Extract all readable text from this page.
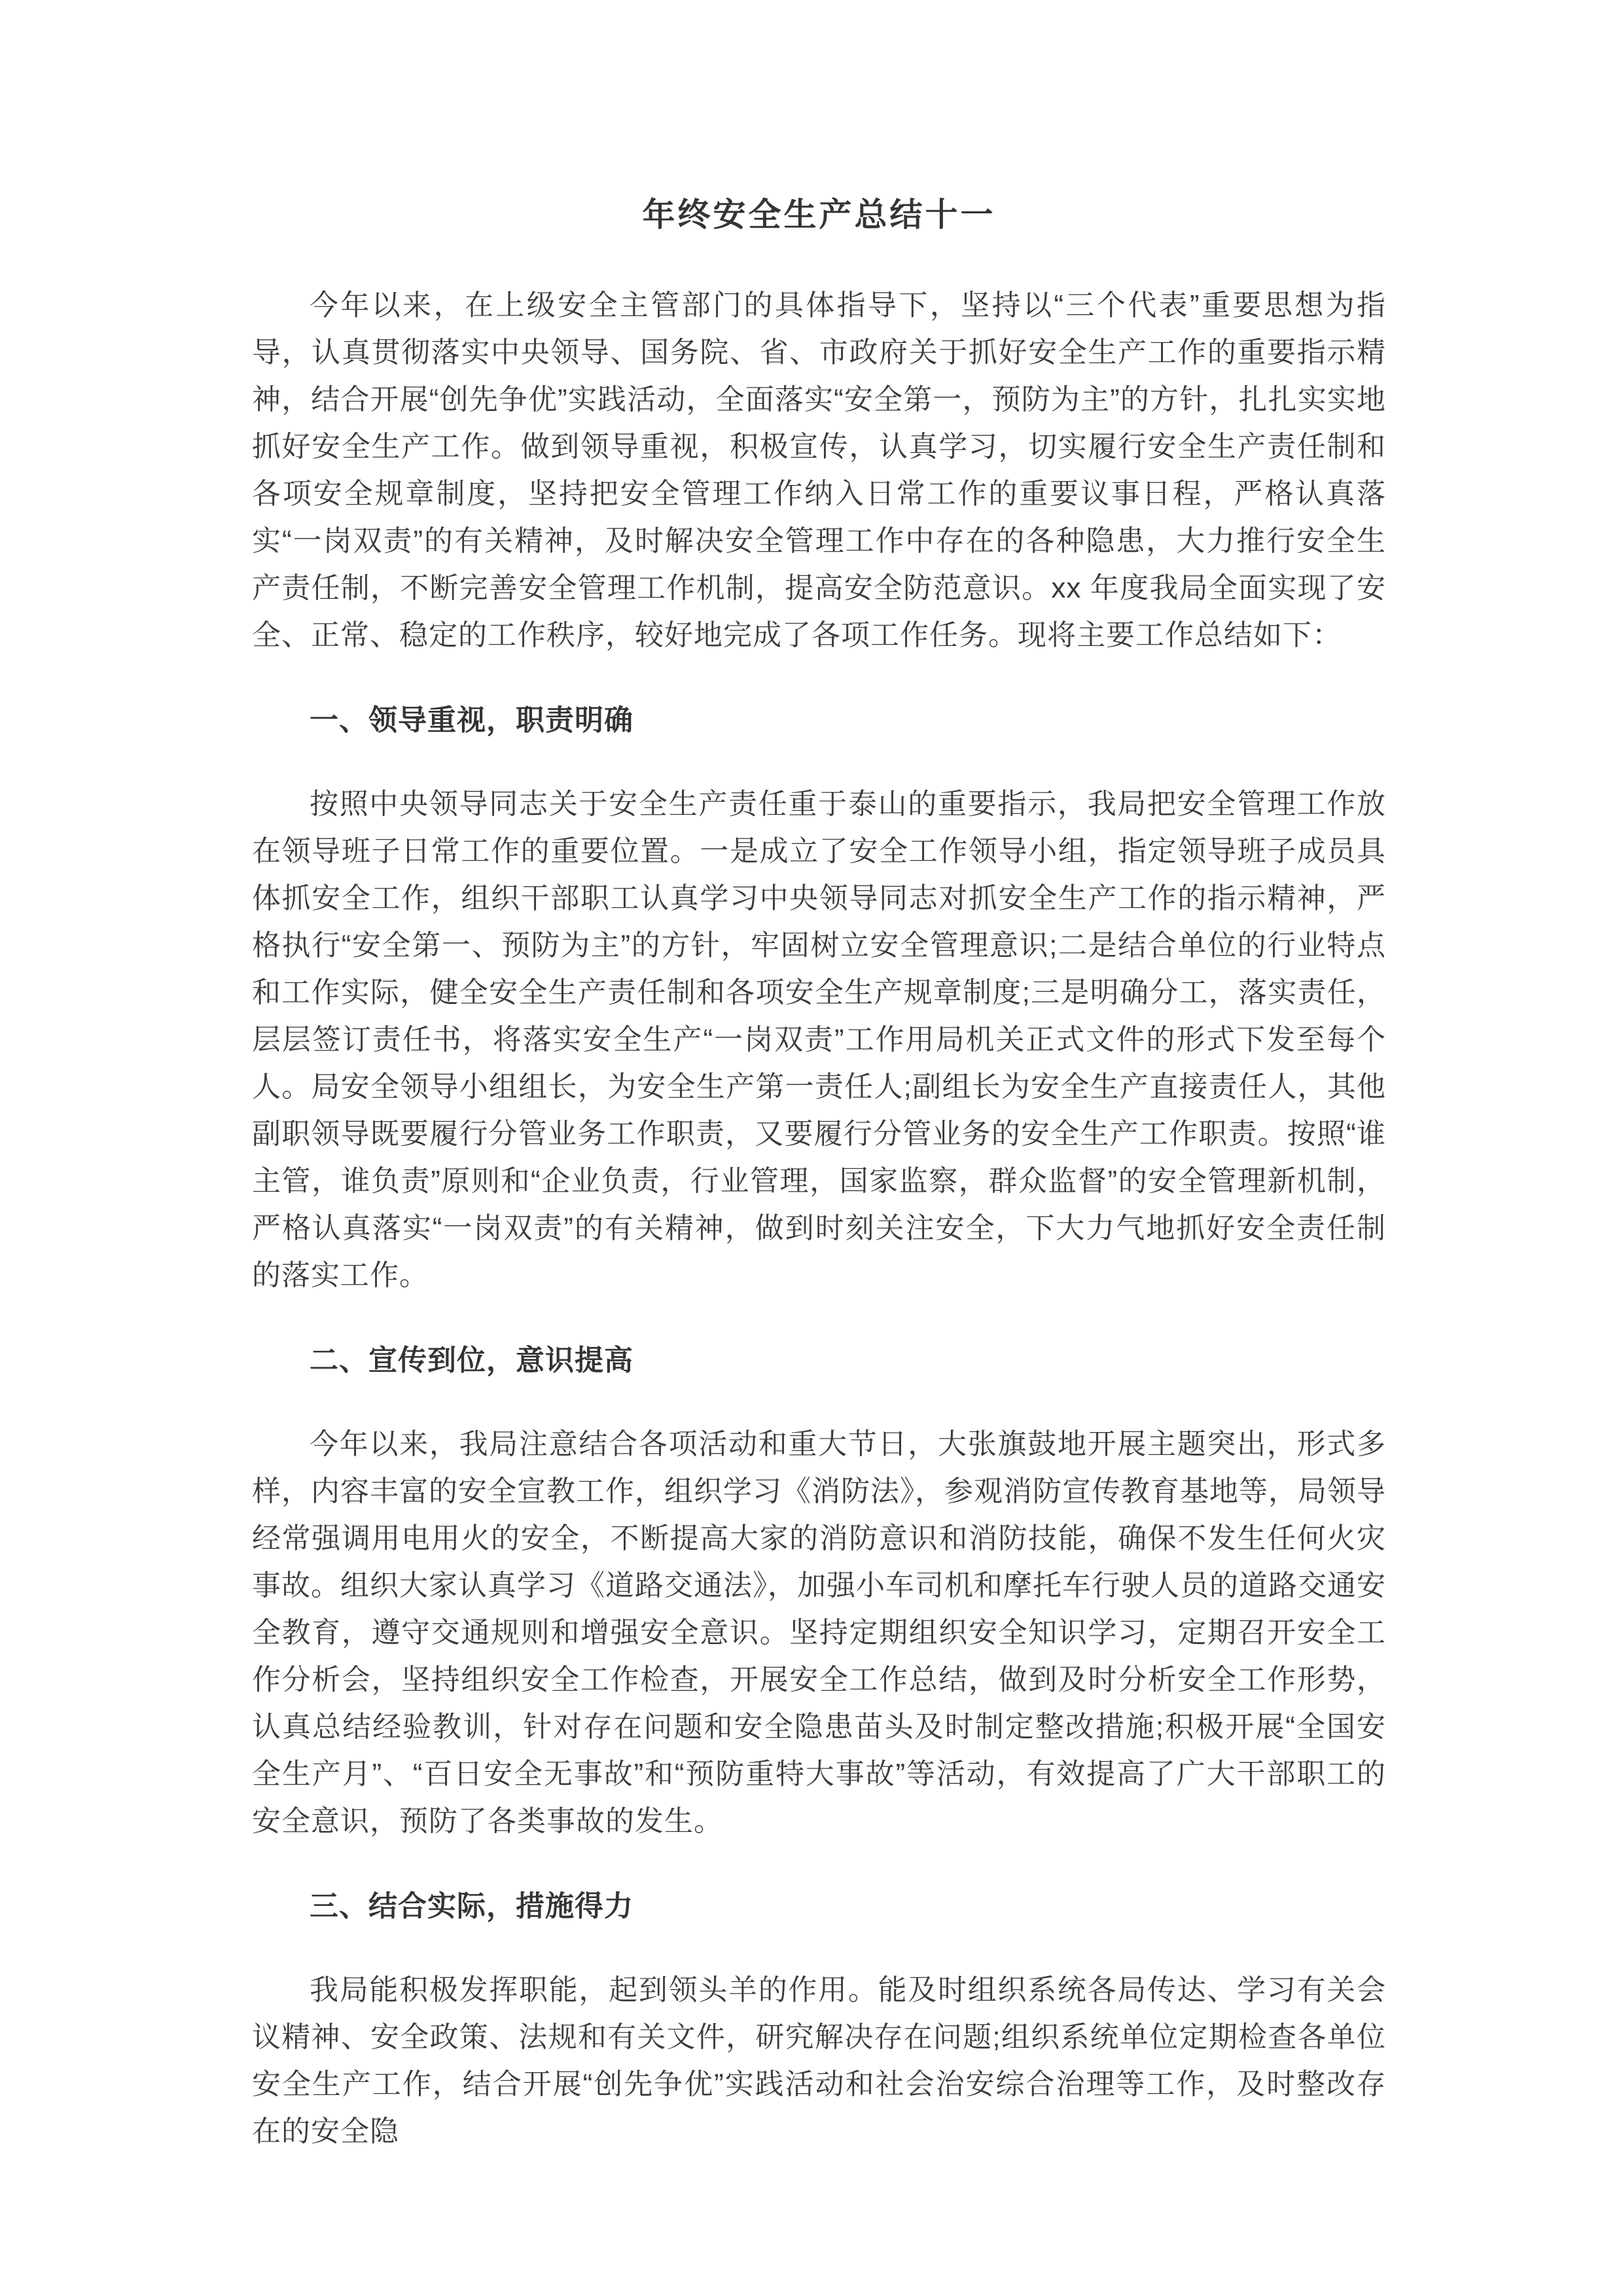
年终安全生产总结十一

今年以来，在上级安全主管部门的具体指导下，坚持以“三个代表”重要思想为指导，认真贯彻落实中央领导、国务院、省、市政府关于抓好安全生产工作的重要指示精神，结合开展“创先争优”实践活动，全面落实“安全第一，预防为主”的方针，扎扎实实地抓好安全生产工作。做到领导重视，积极宣传，认真学习，切实履行安全生产责任制和各项安全规章制度，坚持把安全管理工作纳入日常工作的重要议事日程，严格认真落实“一岗双责”的有关精神，及时解决安全管理工作中存在的各种隐患，大力推行安全生产责任制，不断完善安全管理工作机制，提高安全防范意识。xx 年度我局全面实现了安全、正常、稳定的工作秩序，较好地完成了各项工作任务。现将主要工作总结如下：

一、领导重视，职责明确

按照中央领导同志关于安全生产责任重于泰山的重要指示，我局把安全管理工作放在领导班子日常工作的重要位置。一是成立了安全工作领导小组，指定领导班子成员具体抓安全工作，组织干部职工认真学习中央领导同志对抓安全生产工作的指示精神，严格执行“安全第一、预防为主”的方针，牢固树立安全管理意识;二是结合单位的行业特点和工作实际，健全安全生产责任制和各项安全生产规章制度;三是明确分工，落实责任，层层签订责任书，将落实安全生产“一岗双责”工作用局机关正式文件的形式下发至每个人。局安全领导小组组长，为安全生产第一责任人;副组长为安全生产直接责任人，其他副职领导既要履行分管业务工作职责，又要履行分管业务的安全生产工作职责。按照“谁主管，谁负责”原则和“企业负责，行业管理，国家监察，群众监督”的安全管理新机制，严格认真落实“一岗双责”的有关精神，做到时刻关注安全，下大力气地抓好安全责任制的落实工作。

二、宣传到位，意识提高

今年以来，我局注意结合各项活动和重大节日，大张旗鼓地开展主题突出，形式多样，内容丰富的安全宣教工作，组织学习《消防法》，参观消防宣传教育基地等，局领导经常强调用电用火的安全，不断提高大家的消防意识和消防技能，确保不发生任何火灾事故。组织大家认真学习《道路交通法》，加强小车司机和摩托车行驶人员的道路交通安全教育，遵守交通规则和增强安全意识。坚持定期组织安全知识学习，定期召开安全工作分析会，坚持组织安全工作检查，开展安全工作总结，做到及时分析安全工作形势，认真总结经验教训，针对存在问题和安全隐患苗头及时制定整改措施;积极开展“全国安全生产月”、“百日安全无事故”和“预防重特大事故”等活动，有效提高了广大干部职工的安全意识，预防了各类事故的发生。

三、结合实际，措施得力

我局能积极发挥职能，起到领头羊的作用。能及时组织系统各局传达、学习有关会议精神、安全政策、法规和有关文件，研究解决存在问题;组织系统单位定期检查各单位安全生产工作，结合开展“创先争优”实践活动和社会治安综合治理等工作，及时整改存在的安全隐
